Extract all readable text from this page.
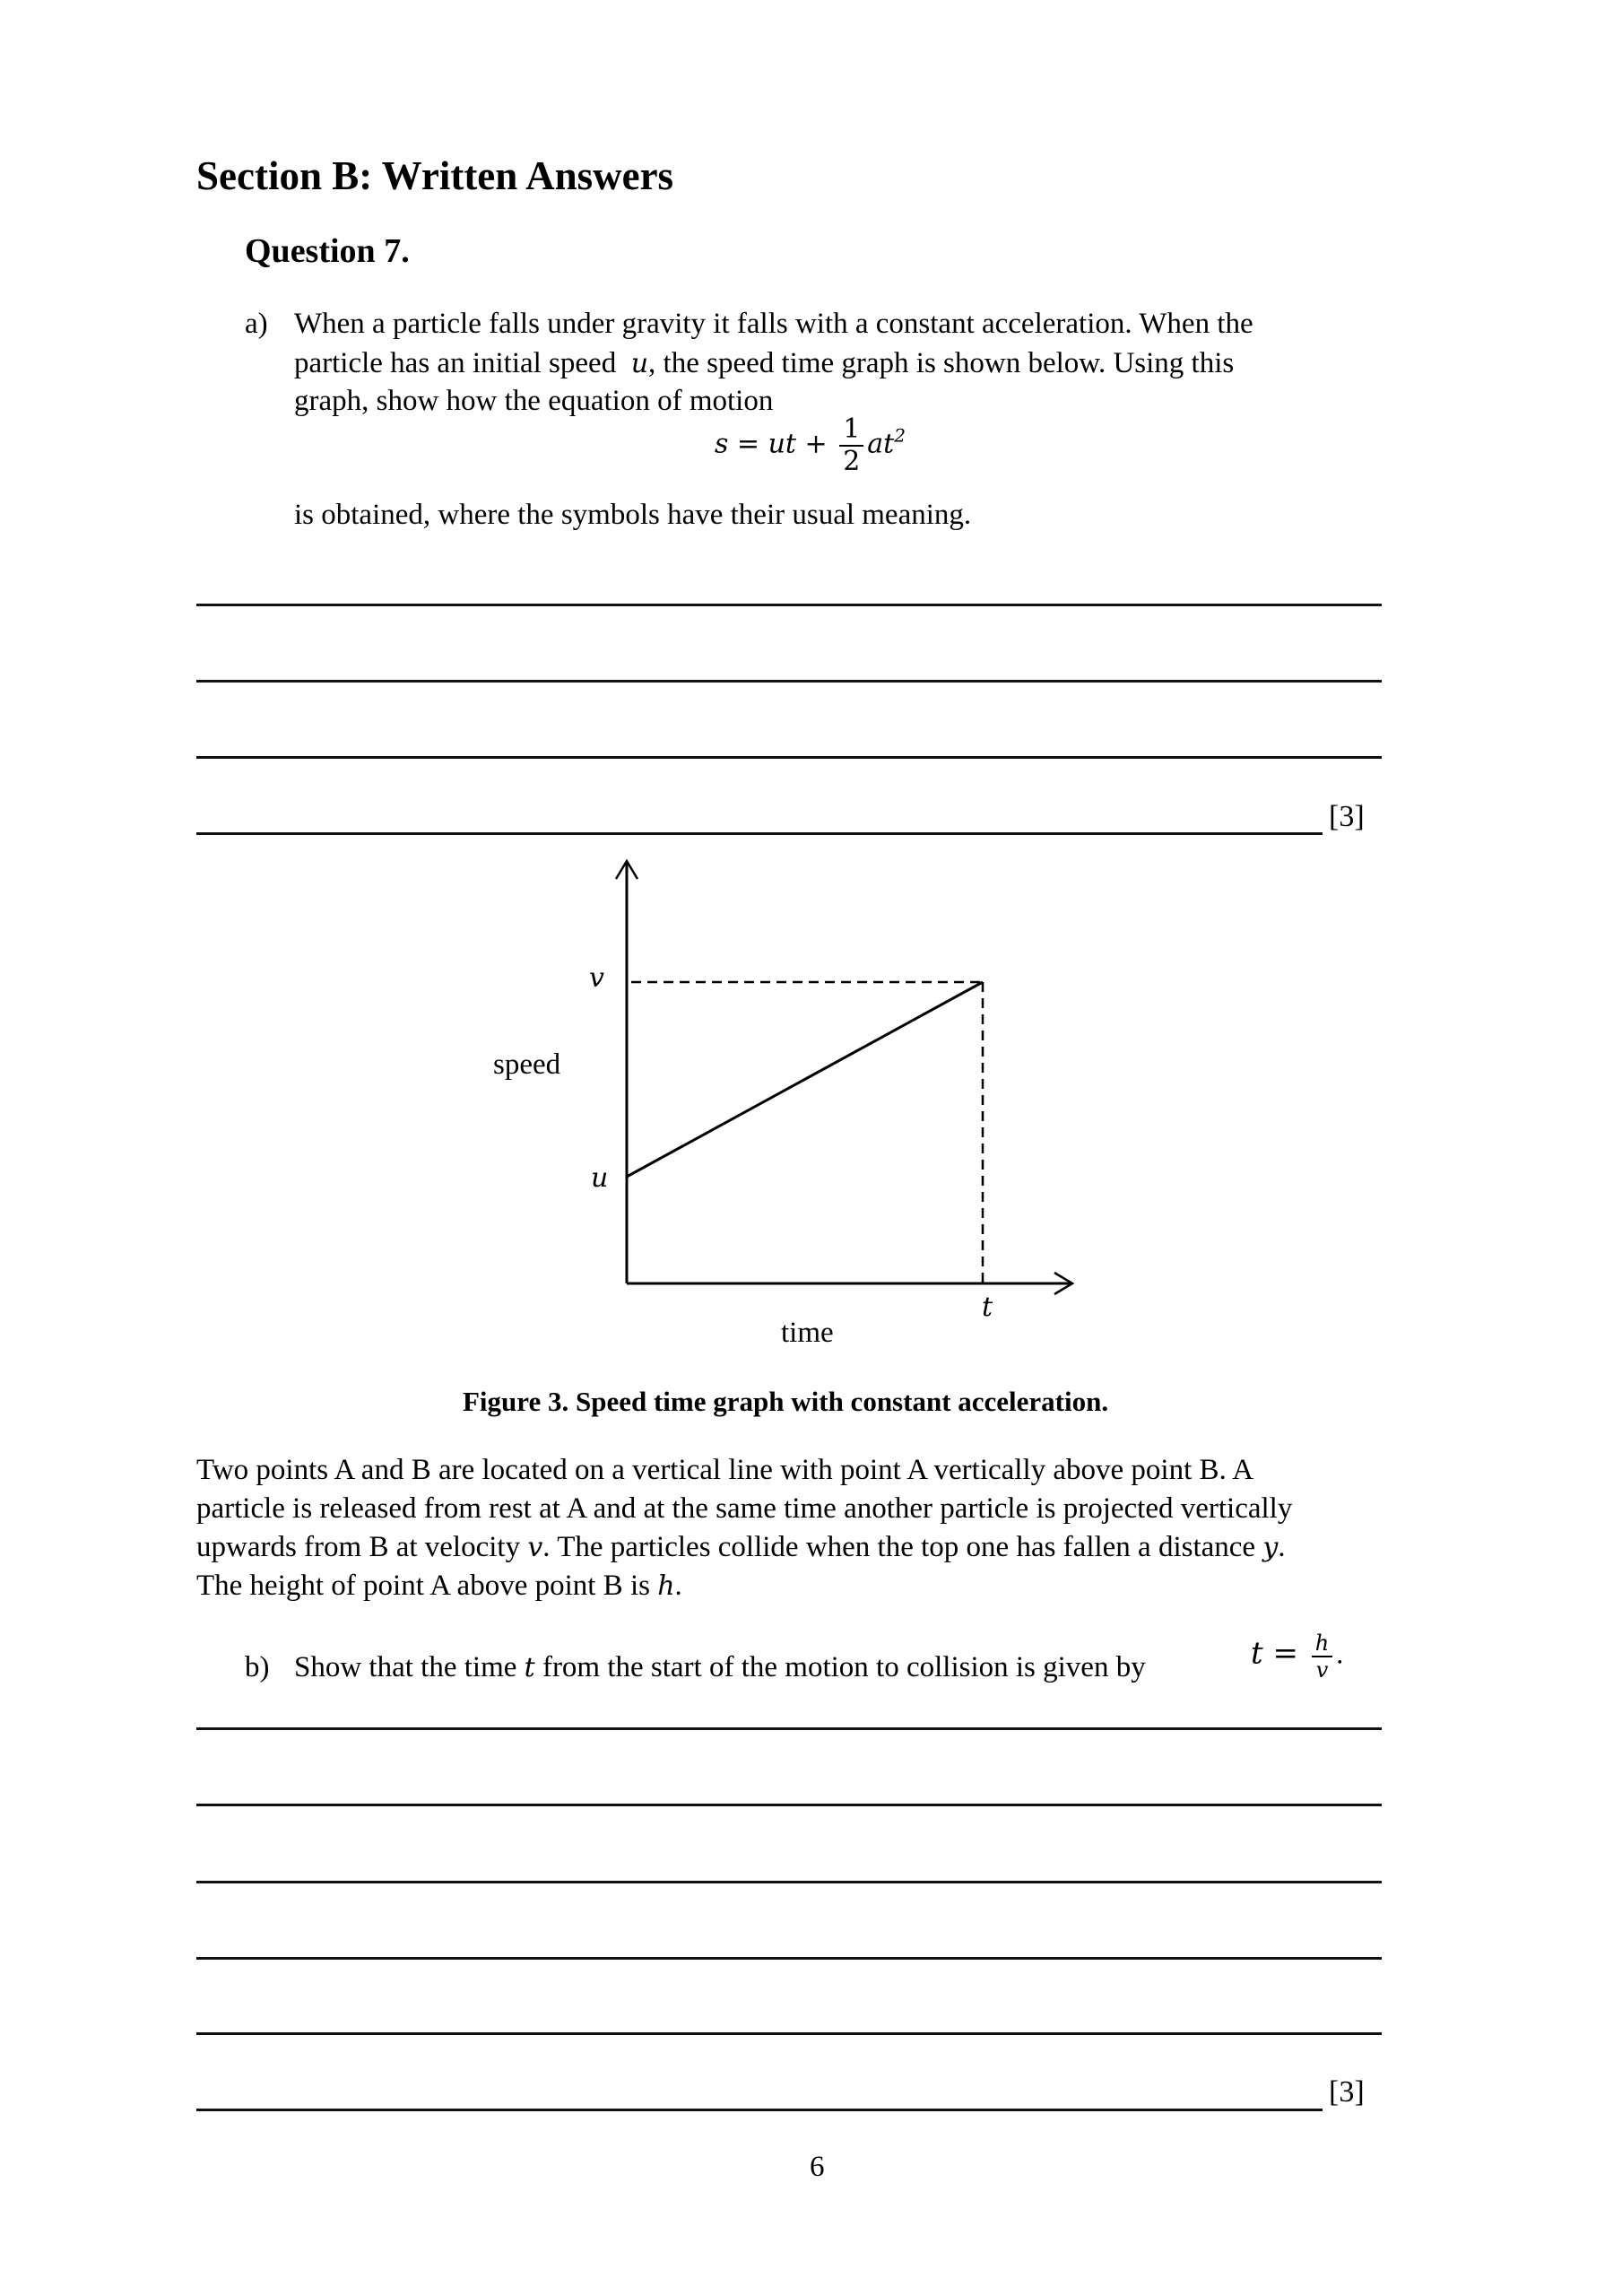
Section B: Written Answers
Question 7.
a) When a particle falls under gravity it falls with a constant acceleration. When the
particle has an initial speed u, the speed time graph is shown below. Using this
graph, show how the equation of motion
s = ut + $\frac{1}{2} at^2$
is obtained, where the symbols have their usual meaning.
[3]
v
u
t
speed
time
Figure 3. Speed time graph with constant acceleration.
Two points A and B are located on a vertical line with point A vertically above point B. A
particle is released from rest at A and at the same time another particle is projected vertically
upwards from B at velocity v. The particles collide when the top one has fallen a distance y.
The height of point A above point B is h.
b) Show that the time t from the start of the motion to collision is given by	$t = \frac{h}{v}$ .
[3]
6
